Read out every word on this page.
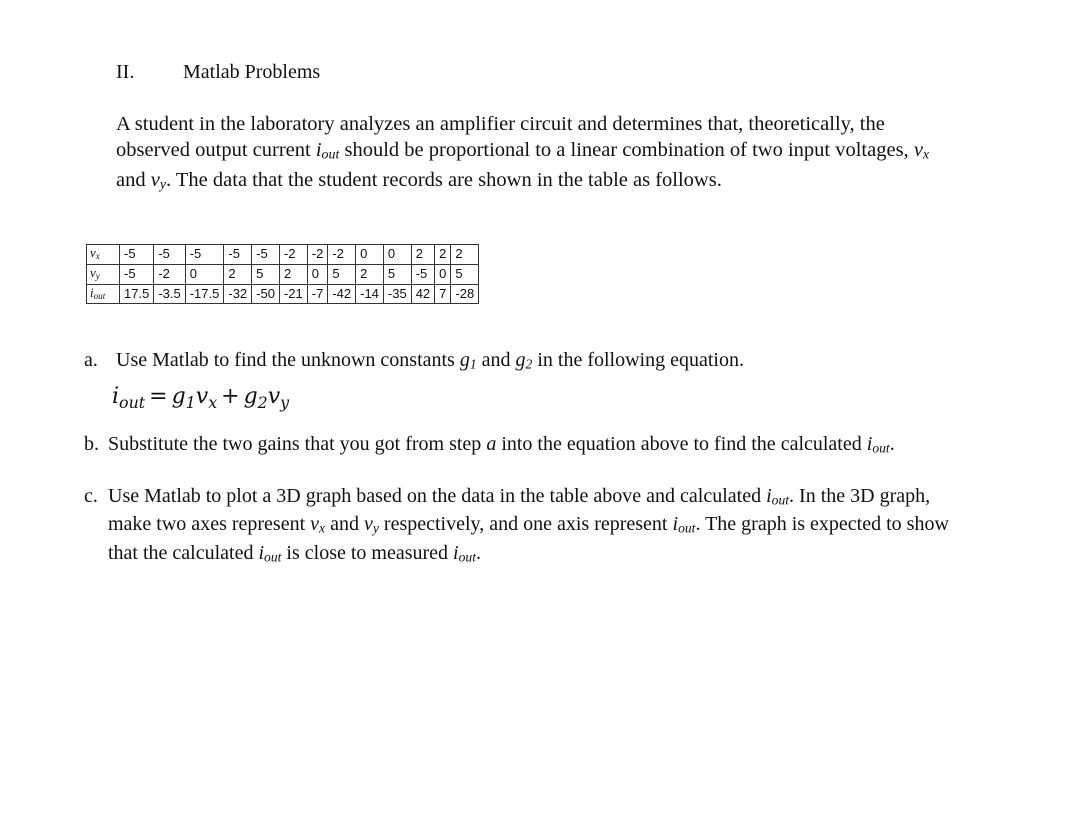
II. Matlab Problems
A student in the laboratory analyzes an amplifier circuit and determines that, theoretically, the observed output current iout should be proportional to a linear combination of two input voltages, vx and vy. The data that the student records are shown in the table as follows.
vx	-5	-5	-5	-5	-5	-2	-2	-2	0	0	2	2	2
vy	-5	-2	0	2	5	2	0	5	2	5	-5	0	5
iout	17.5	-3.5	-17.5	-32	-50	-21	-7	-42	-14	-35	42	7	-28
a. Use Matlab to find the unknown constants g1 and g2 in the following equation.
$i_{out} = g_1v_x + g_2v_y$
b. Substitute the two gains that you got from step a into the equation above to find the calculated iout.
c. Use Matlab to plot a 3D graph based on the data in the table above and calculated iout. In the 3D graph, make two axes represent vx and vy respectively, and one axis represent iout. The graph is expected to show that the calculated iout is close to measured iout.
